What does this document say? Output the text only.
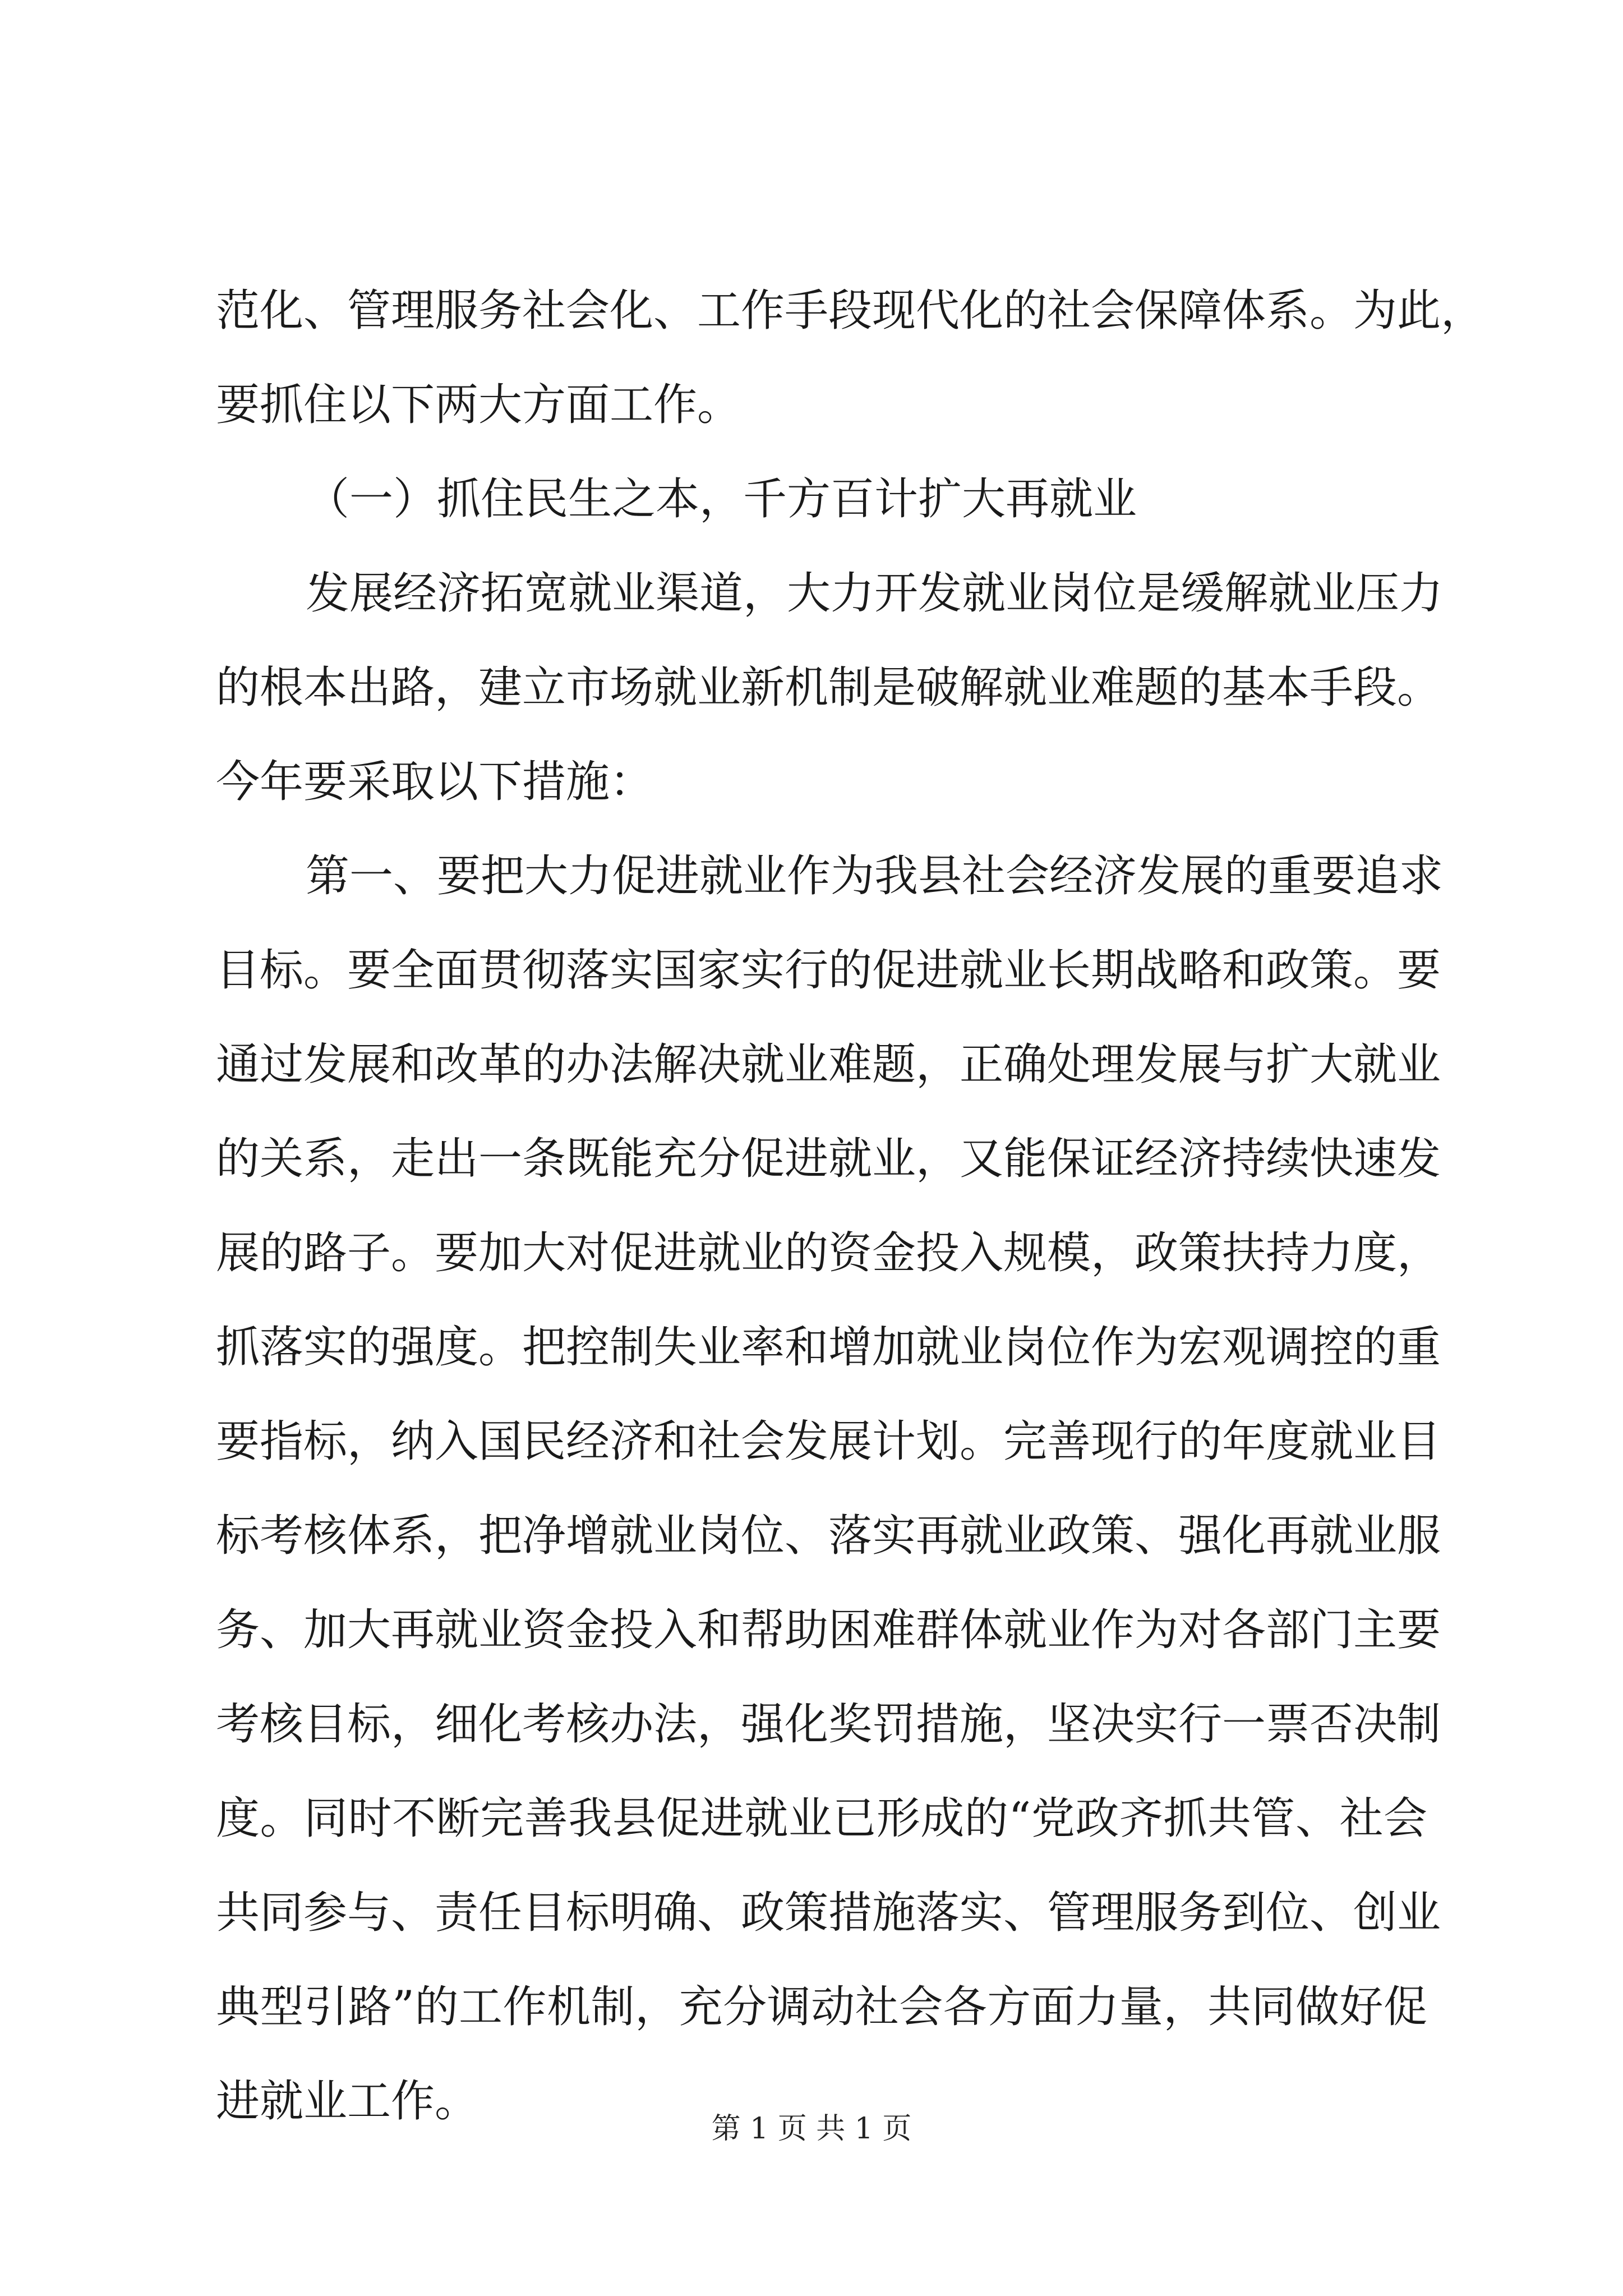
范化、管理服务社会化、工作手段现代化的社会保障体系。为此，
要抓住以下两大方面工作。
（一）抓住民生之本，千方百计扩大再就业
发展经济拓宽就业渠道，大力开发就业岗位是缓解就业压力
的根本出路，建立市场就业新机制是破解就业难题的基本手段。
今年要采取以下措施：
第一、要把大力促进就业作为我县社会经济发展的重要追求
目标。要全面贯彻落实国家实行的促进就业长期战略和政策。要
通过发展和改革的办法解决就业难题，正确处理发展与扩大就业
的关系，走出一条既能充分促进就业，又能保证经济持续快速发
展的路子。要加大对促进就业的资金投入规模，政策扶持力度，
抓落实的强度。把控制失业率和增加就业岗位作为宏观调控的重
要指标，纳入国民经济和社会发展计划。完善现行的年度就业目
标考核体系，把净增就业岗位、落实再就业政策、强化再就业服
务、加大再就业资金投入和帮助困难群体就业作为对各部门主要
考核目标，细化考核办法，强化奖罚措施，坚决实行一票否决制
度。同时不断完善我县促进就业已形成的“党政齐抓共管、社会
共同参与、责任目标明确、政策措施落实、管理服务到位、创业
典型引路”的工作机制，充分调动社会各方面力量，共同做好促
进就业工作。
第 1 页 共 1 页
